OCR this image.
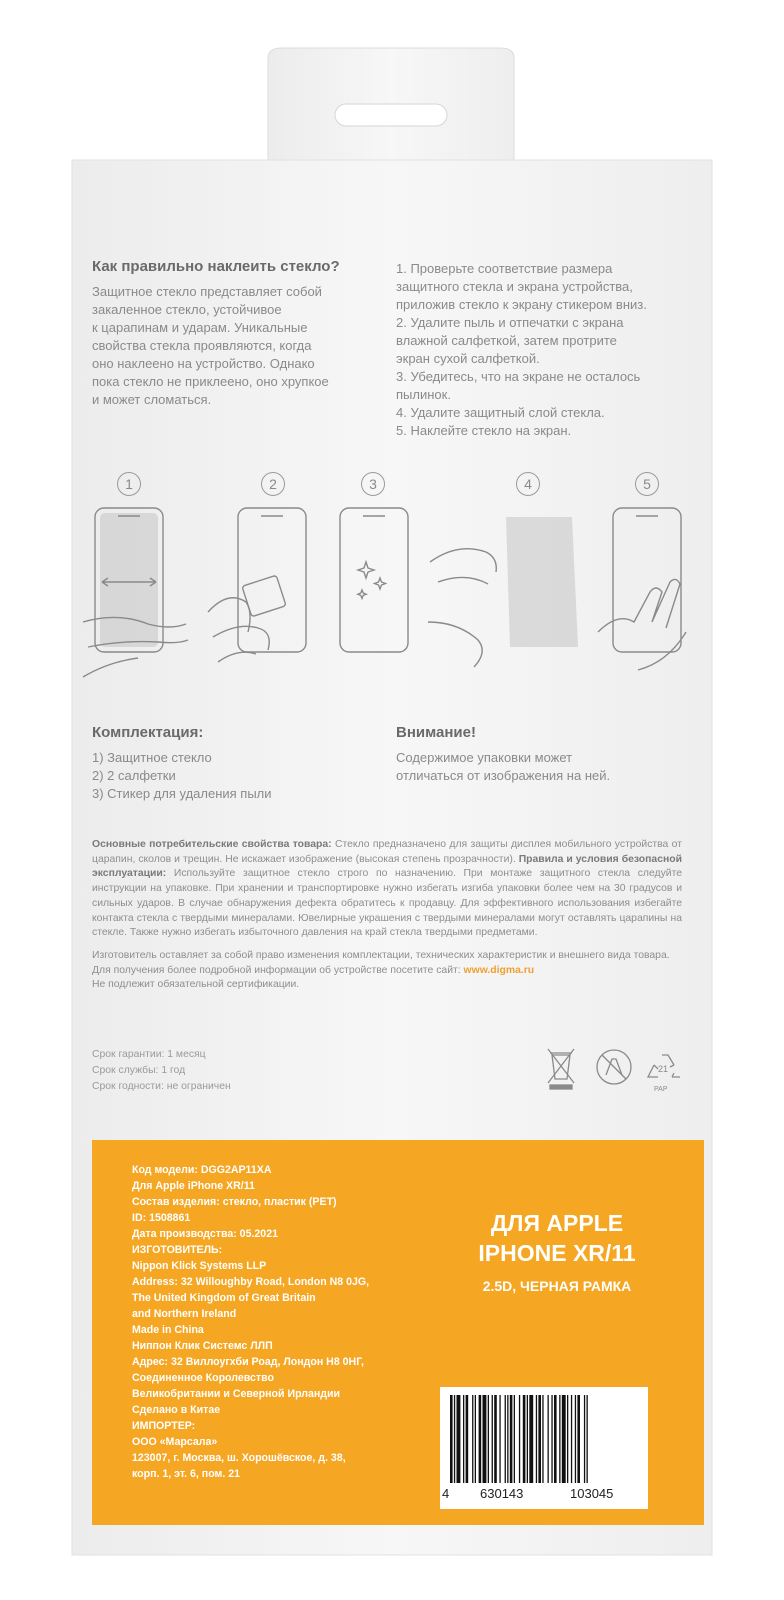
Как правильно наклеить стекло?

Защитное стекло представляет собой

закаленное стекло, устойчивое

к царапинам и ударам. Уникальные

свойства стекла проявляются, когда

оно наклеено на устройство. Однако

пока стекло не приклеено, оно хрупкое

и может сломаться.

1. Проверьте соответствие размера

защитного стекла и экрана устройства,

приложив стекло к экрану стикером вниз.

2. Удалите пыль и отпечатки с экрана

влажной салфеткой, затем протрите

экран сухой салфеткой.

3. Убедитесь, что на экране не осталось

пылинок.

4. Удалите защитный слой стекла.

5. Наклейте стекло на экран.

1	2	3	4	5
Комплектация:

1) Защитное стекло

2) 2 салфетки

3) Стикер для удаления пыли

Внимание!

Содержимое упаковки может

отличаться от изображения на ней.

Основные потребительские свойства товара: Стекло предназначено для защиты дисплея мобильного устройства от царапин, сколов и трещин. Не искажает изображение (высокая степень прозрачности). Правила и условия безопасной эксплуатации: Используйте защитное стекло строго по назначению. При монтаже защитного стекла следуйте инструкции на упаковке. При хранении и транспортировке нужно избегать изгиба упаковки более чем на 30 градусов и сильных ударов. В случае обнаружения дефекта обратитесь к продавцу. Для эффективного использования избегайте контакта стекла с твердыми минералами. Ювелирные украшения с твердыми минералами могут оставлять царапины на стекле. Также нужно избегать избыточного давления на край стекла твердыми предметами.

Изготовитель оставляет за собой право изменения комплектации, технических характеристик и внешнего вида товара.
Для получения более подробной информации об устройстве посетите сайт: www.digma.ru
Не подлежит обязательной сертификации.

Срок гарантии: 1 месяц
Срок службы: 1 год
Срок годности: не ограничен
21
PAP
Код модели: DGG2AP11XA
Для Apple iPhone XR/11
Состав изделия: стекло, пластик (PET)
ID: 1508861
Дата производства: 05.2021
ИЗГОТОВИТЕЛЬ:
Nippon Klick Systems LLP
Address: 32 Willoughby Road, London N8 0JG,
The United Kingdom of Great Britain
and Northern Ireland
Made in China
Ниппон Клик Системс ЛЛП
Адрес: 32 Виллоугхби Роад, Лондон Н8 0НГ,
Соединенное Королевство
Великобритании и Северной Ирландии
Сделано в Китае
ИМПОРТЕР:
ООО «Марсала»
123007, г. Москва, ш. Хорошёвское, д. 38,
корп. 1, эт. 6, пом. 21
ДЛЯ APPLE
IPHONE XR/11
2.5D, ЧЕРНАЯ РАМКА
4 630143	103045
